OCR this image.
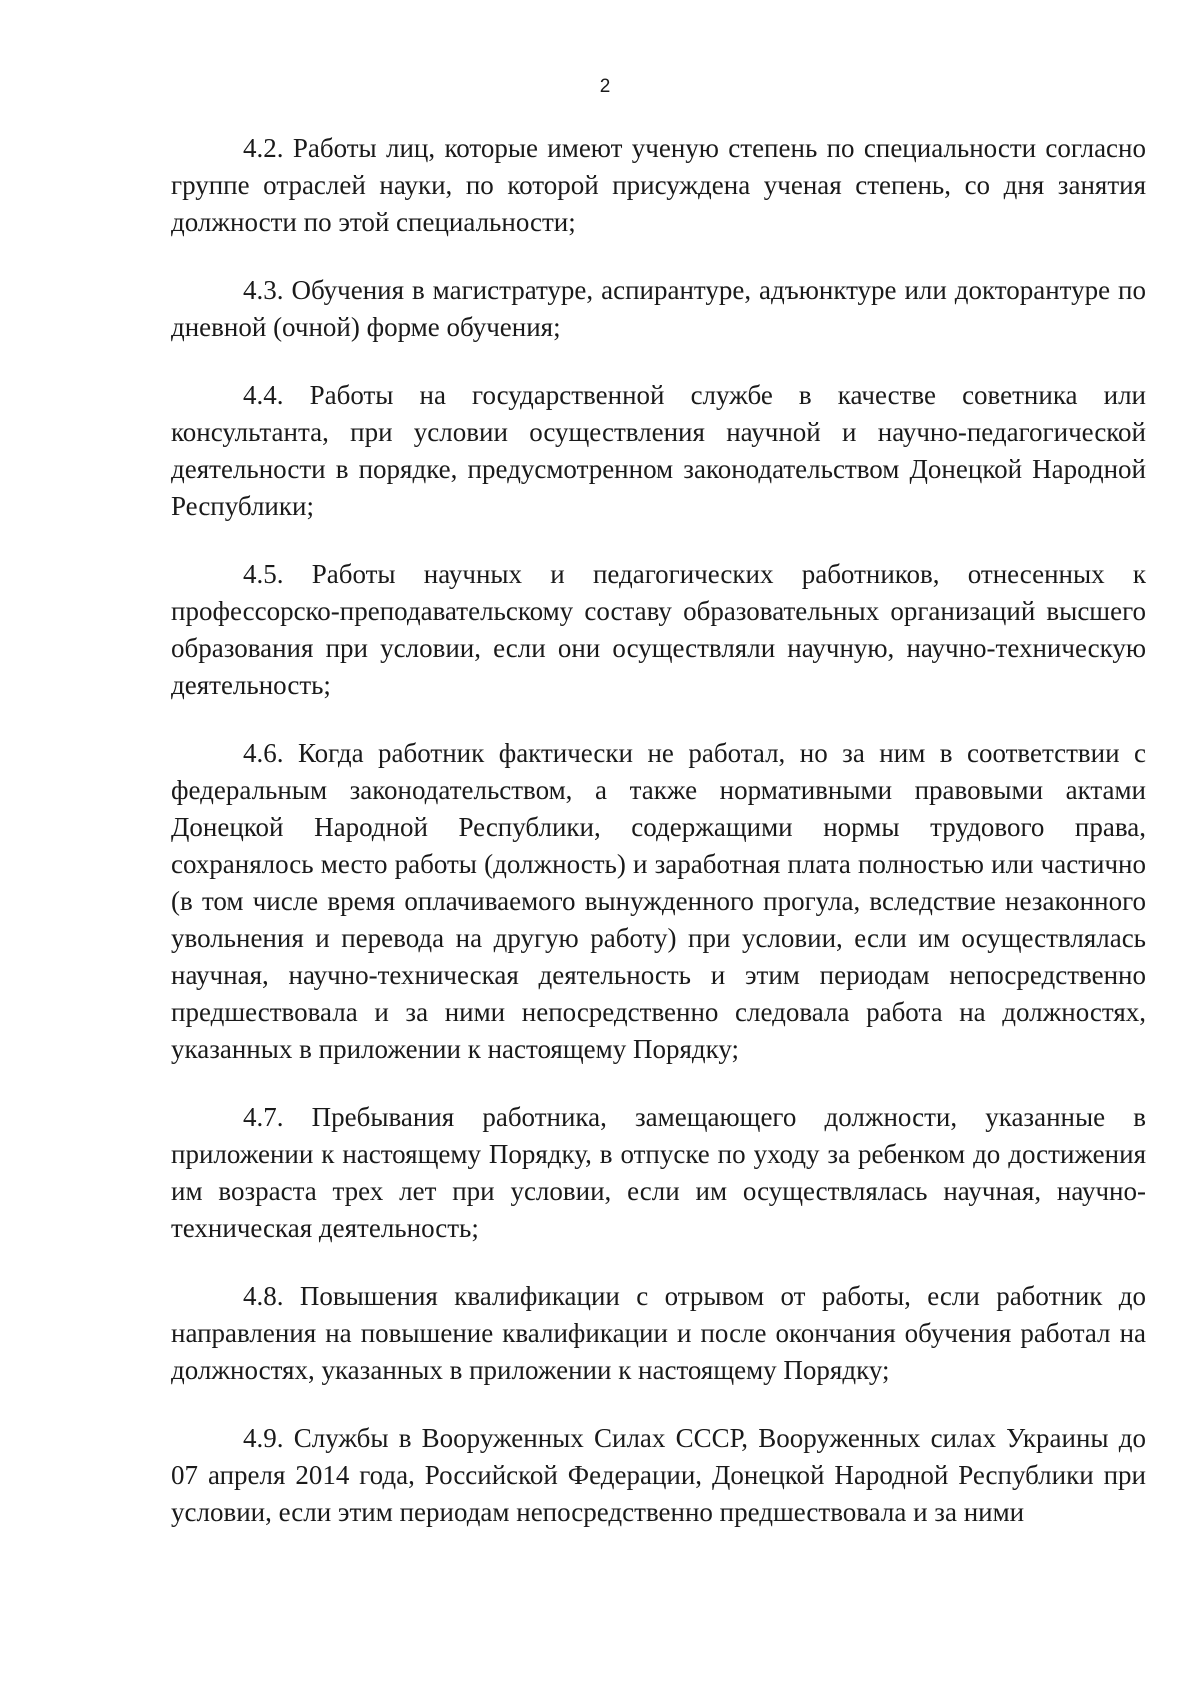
2

4.2. Работы лиц, которые имеют ученую степень по специальности согласно группе отраслей науки, по которой присуждена ученая степень, со дня занятия должности по этой специальности;

4.3. Обучения в магистратуре, аспирантуре, адъюнктуре или докторантуре по дневной (очной) форме обучения;

4.4. Работы на государственной службе в качестве советника или консультанта, при условии осуществления научной и научно-педагогической деятельности в порядке, предусмотренном законодательством Донецкой Народной Республики;

4.5. Работы научных и педагогических работников, отнесенных к профессорско-преподавательскому составу образовательных организаций высшего образования при условии, если они осуществляли научную, научно-техническую деятельность;

4.6. Когда работник фактически не работал, но за ним в соответствии с федеральным законодательством, а также нормативными правовыми актами Донецкой Народной Республики, содержащими нормы трудового права, сохранялось место работы (должность) и заработная плата полностью или частично (в том числе время оплачиваемого вынужденного прогула, вследствие незаконного увольнения и перевода на другую работу) при условии, если им осуществлялась научная, научно-техническая деятельность и этим периодам непосредственно предшествовала и за ними непосредственно следовала работа на должностях, указанных в приложении к настоящему Порядку;

4.7. Пребывания работника, замещающего должности, указанные в приложении к настоящему Порядку, в отпуске по уходу за ребенком до достижения им возраста трех лет при условии, если им осуществлялась научная, научно-техническая деятельность;

4.8. Повышения квалификации с отрывом от работы, если работник до направления на повышение квалификации и после окончания обучения работал на должностях, указанных в приложении к настоящему Порядку;

4.9. Службы в Вооруженных Силах СССР, Вооруженных силах Украины до 07 апреля 2014 года, Российской Федерации, Донецкой Народной Республики при условии, если этим периодам непосредственно предшествовала и за ними
